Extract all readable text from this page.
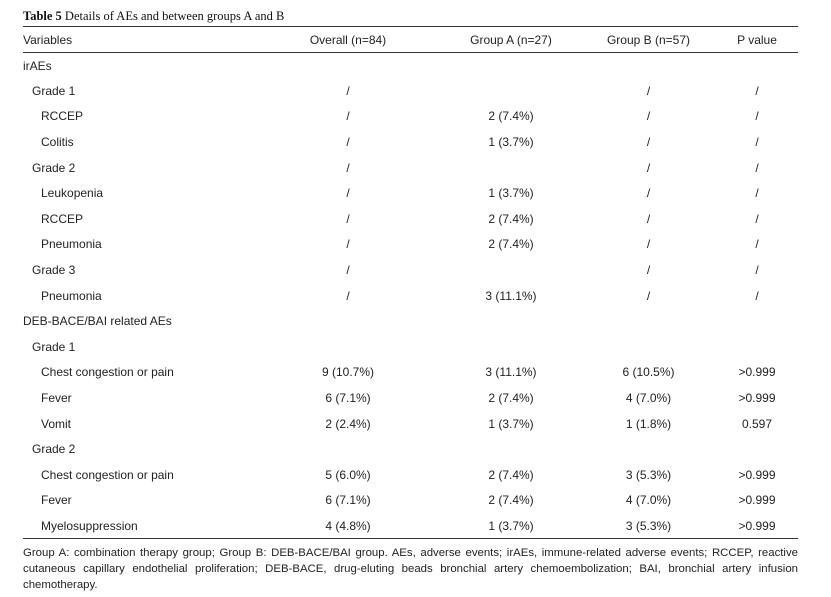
Table 5 Details of AEs and between groups A and B
Variables	Overall (n=84)	Group A (n=27)	Group B (n=57)	P value
irAEs				
Grade 1	/		/	/
RCCEP	/	2 (7.4%)	/	/
Colitis	/	1 (3.7%)	/	/
Grade 2	/		/	/
Leukopenia	/	1 (3.7%)	/	/
RCCEP	/	2 (7.4%)	/	/
Pneumonia	/	2 (7.4%)	/	/
Grade 3	/		/	/
Pneumonia	/	3 (11.1%)	/	/
DEB-BACE/BAI related AEs				
Grade 1				
Chest congestion or pain	9 (10.7%)	3 (11.1%)	6 (10.5%)	>0.999
Fever	6 (7.1%)	2 (7.4%)	4 (7.0%)	>0.999
Vomit	2 (2.4%)	1 (3.7%)	1 (1.8%)	0.597
Grade 2				
Chest congestion or pain	5 (6.0%)	2 (7.4%)	3 (5.3%)	>0.999
Fever	6 (7.1%)	2 (7.4%)	4 (7.0%)	>0.999
Myelosuppression	4 (4.8%)	1 (3.7%)	3 (5.3%)	>0.999
Group A: combination therapy group; Group B: DEB-BACE/BAI group. AEs, adverse events; irAEs, immune-related adverse events; RCCEP, reactive cutaneous capillary endothelial proliferation; DEB-BACE, drug-eluting beads bronchial artery chemoembolization; BAI, bronchial artery infusion chemotherapy.
